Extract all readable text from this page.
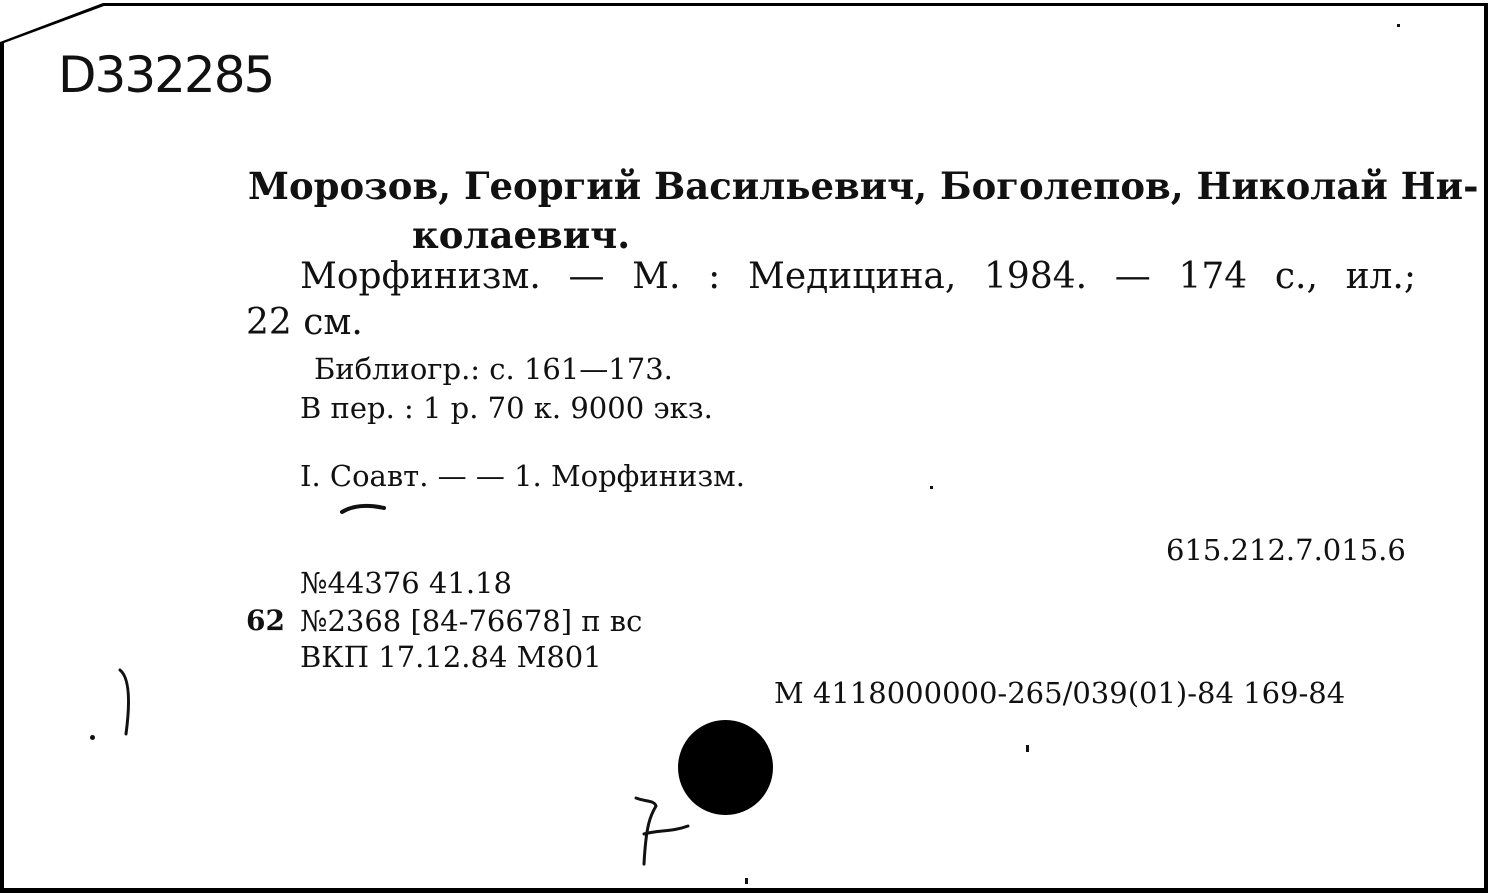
Ⅾ332285
Морозов, Георгий Васильевич, Боголепов, Николай Ни-
колаевич.
Морфинизм. — М. : Медицина, 1984. — 174 с., ил.;
22 см.
Библиогр.: с. 161—173.
В пер. : 1 р. 70 к. 9000 экз.
I. Соавт. — — 1. Морфинизм.
615.212.7.015.6
№44376 41.18
62 №2368 [84-76678] п вс
ВКП 17.12.84 М801
М 4118000000-265/039(01)-84 169-84
